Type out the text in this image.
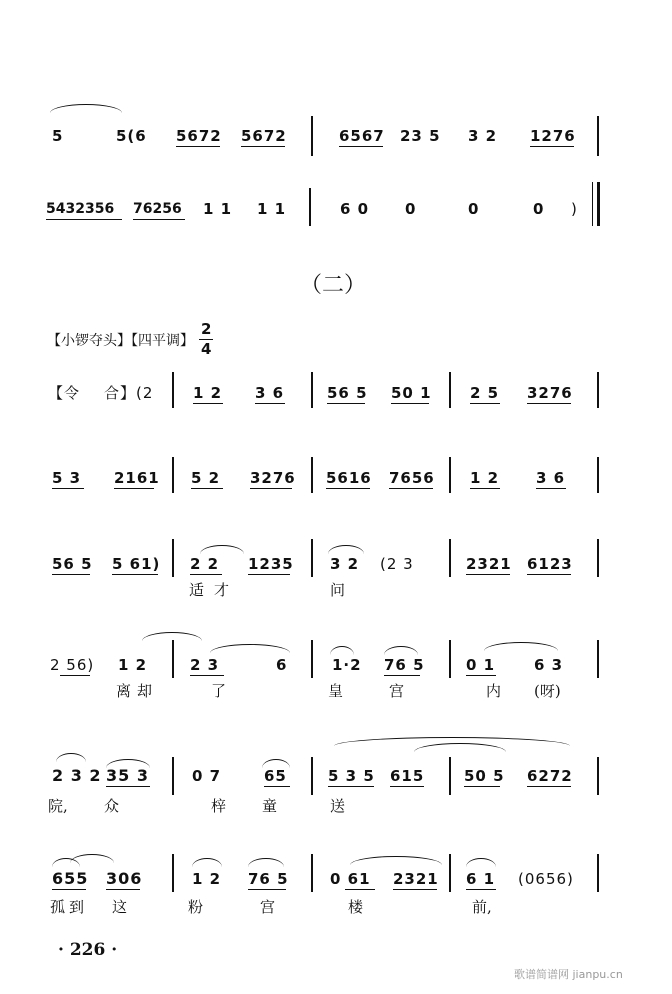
5	5(6 5672 5672	6567 23 5 3 2 1276
5432356 76256 1 1 1 1	6 0 0	0	0 )
（二）
【小锣夺头】【四平调】
2
4
【令 合】(2	1 2 3 6	56 5 50 1	2 5 3276
5 3 2161 5 2 3276 5616 7656 1 2 3 6
56 5 5 61) 2 2 1235
适才
3 2 (2 3
问
2321 6123
2 56) 1 2
离却
2 3	6
了
1·2 76 5
皇	宫
0 1	6 3
内 (呀)
2 3 2 35 3
院, 众
0 7	65
梓 童
5 3 5 615
送
50 5 6272
655 306
孤到 这
1 2 76 5
粉	宫
0 61 2321
楼
6 1 (0656)
前,
· 226 ·
歌谱简谱网 jianpu.cn
